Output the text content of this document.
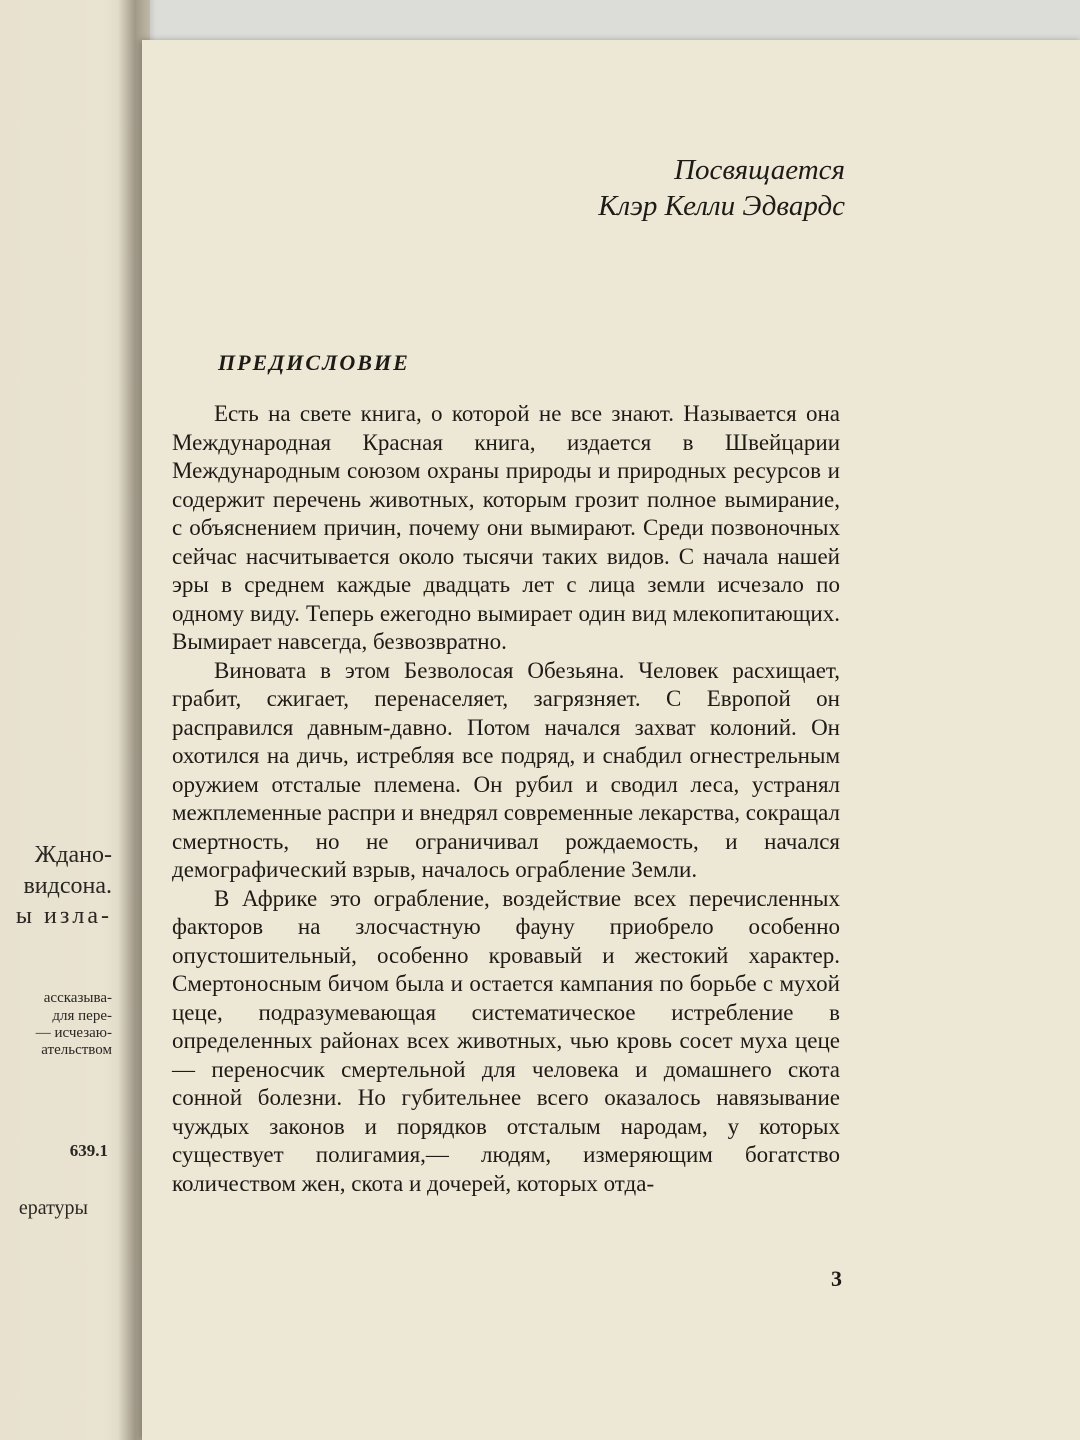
Ждано-
видсона.
ы изла-
ассказыва-
для пере-
— исчезаю-
ательством
639.1
ературы
Посвящается
Клэр Келли Эдвардс
ПРЕДИСЛОВИЕ

Есть на свете книга, о которой не все знают. Называется она Международная Красная книга, издается в Швейцарии Международным союзом охраны природы и природных ресурсов и содержит перечень животных, которым грозит полное вымирание, с объяснением причин, почему они вымирают. Среди позвоночных сейчас насчитывается около тысячи таких видов. С начала нашей эры в среднем каждые двадцать лет с лица земли исчезало по одному виду. Теперь ежегодно вымирает один вид млекопитающих. Вымирает навсегда, безвозвратно.

Виновата в этом Безволосая Обезьяна. Человек расхищает, грабит, сжигает, перенаселяет, загрязняет. С Европой он расправился давным-давно. Потом начался захват колоний. Он охотился на дичь, истребляя все подряд, и снабдил огнестрельным оружием отсталые племена. Он рубил и сводил леса, устранял межплеменные распри и внедрял современные лекарства, сокращал смертность, но не ограничивал рождаемость, и начался демографический взрыв, началось ограбление Земли.

В Африке это ограбление, воздействие всех перечисленных факторов на злосчастную фауну приобрело особенно опустошительный, особенно кровавый и жестокий характер. Смертоносным бичом была и остается кампания по борьбе с мухой цеце, подразумевающая систематическое истребление в определенных районах всех животных, чью кровь сосет муха цеце — переносчик смертельной для человека и домашнего скота сонной болезни. Но губительнее всего оказалось навязывание чуждых законов и порядков отсталым народам, у которых существует полигамия,— людям, измеряющим богатство количеством жен, скота и дочерей, которых отда-

3
